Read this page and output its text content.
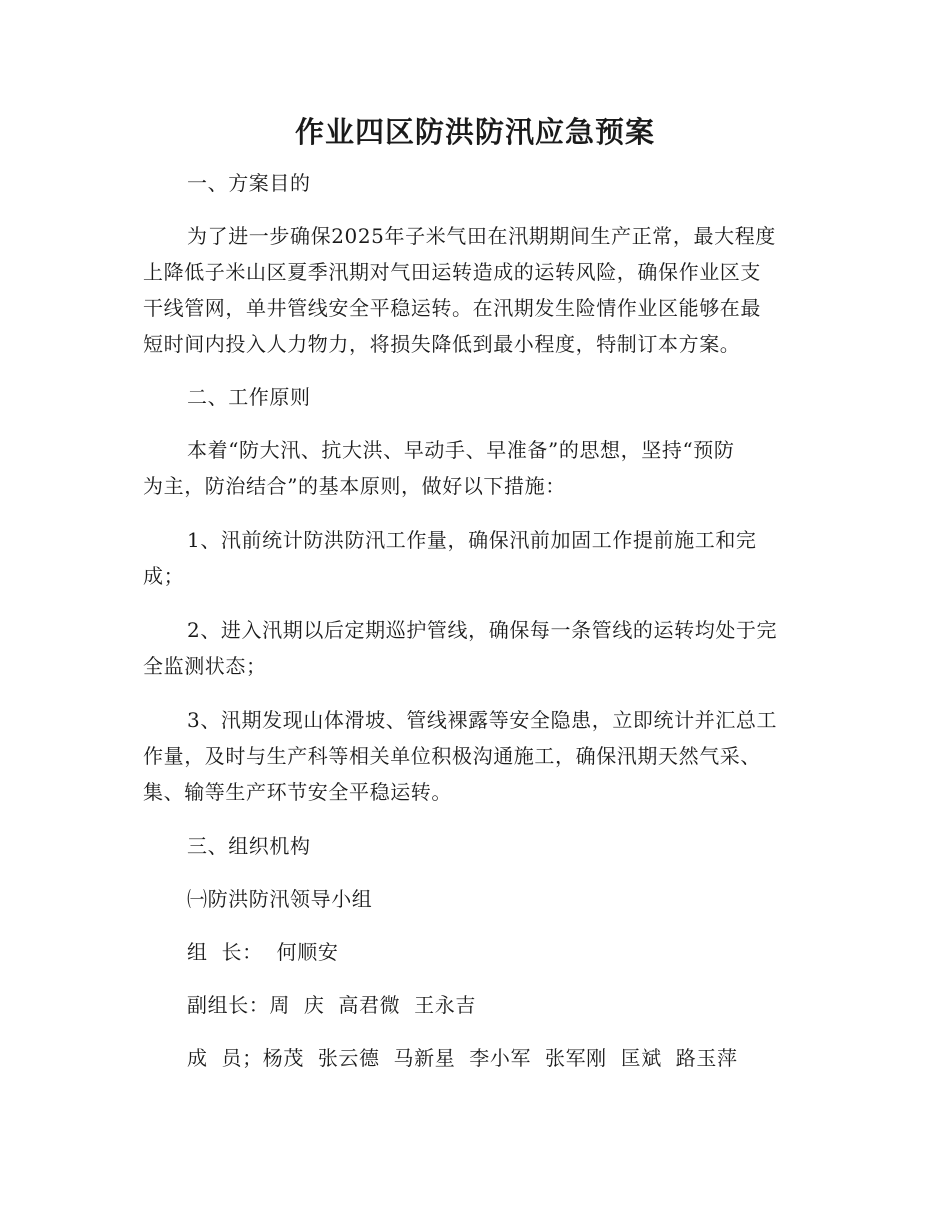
作业四区防洪防汛应急预案
一、方案目的
为了进一步确保2025年子米气田在汛期期间生产正常，最大程度
上降低子米山区夏季汛期对气田运转造成的运转风险，确保作业区支
干线管网，单井管线安全平稳运转。在汛期发生险情作业区能够在最
短时间内投入人力物力，将损失降低到最小程度，特制订本方案。
二、工作原则
本着“防大汛、抗大洪、早动手、早准备”的思想，坚持“预防
为主，防治结合”的基本原则，做好以下措施：
1、汛前统计防洪防汛工作量，确保汛前加固工作提前施工和完
成；
2、进入汛期以后定期巡护管线，确保每一条管线的运转均处于完
全监测状态；
3、汛期发现山体滑坡、管线裸露等安全隐患，立即统计并汇总工
作量，及时与生产科等相关单位积极沟通施工，确保汛期天然气采、
集、输等生产环节安全平稳运转。
三、组织机构
㈠防洪防汛领导小组
组  长：  何顺安
副组长：周  庆  高君微  王永吉
成  员；杨茂  张云德  马新星  李小军  张军刚  匡斌  路玉萍
